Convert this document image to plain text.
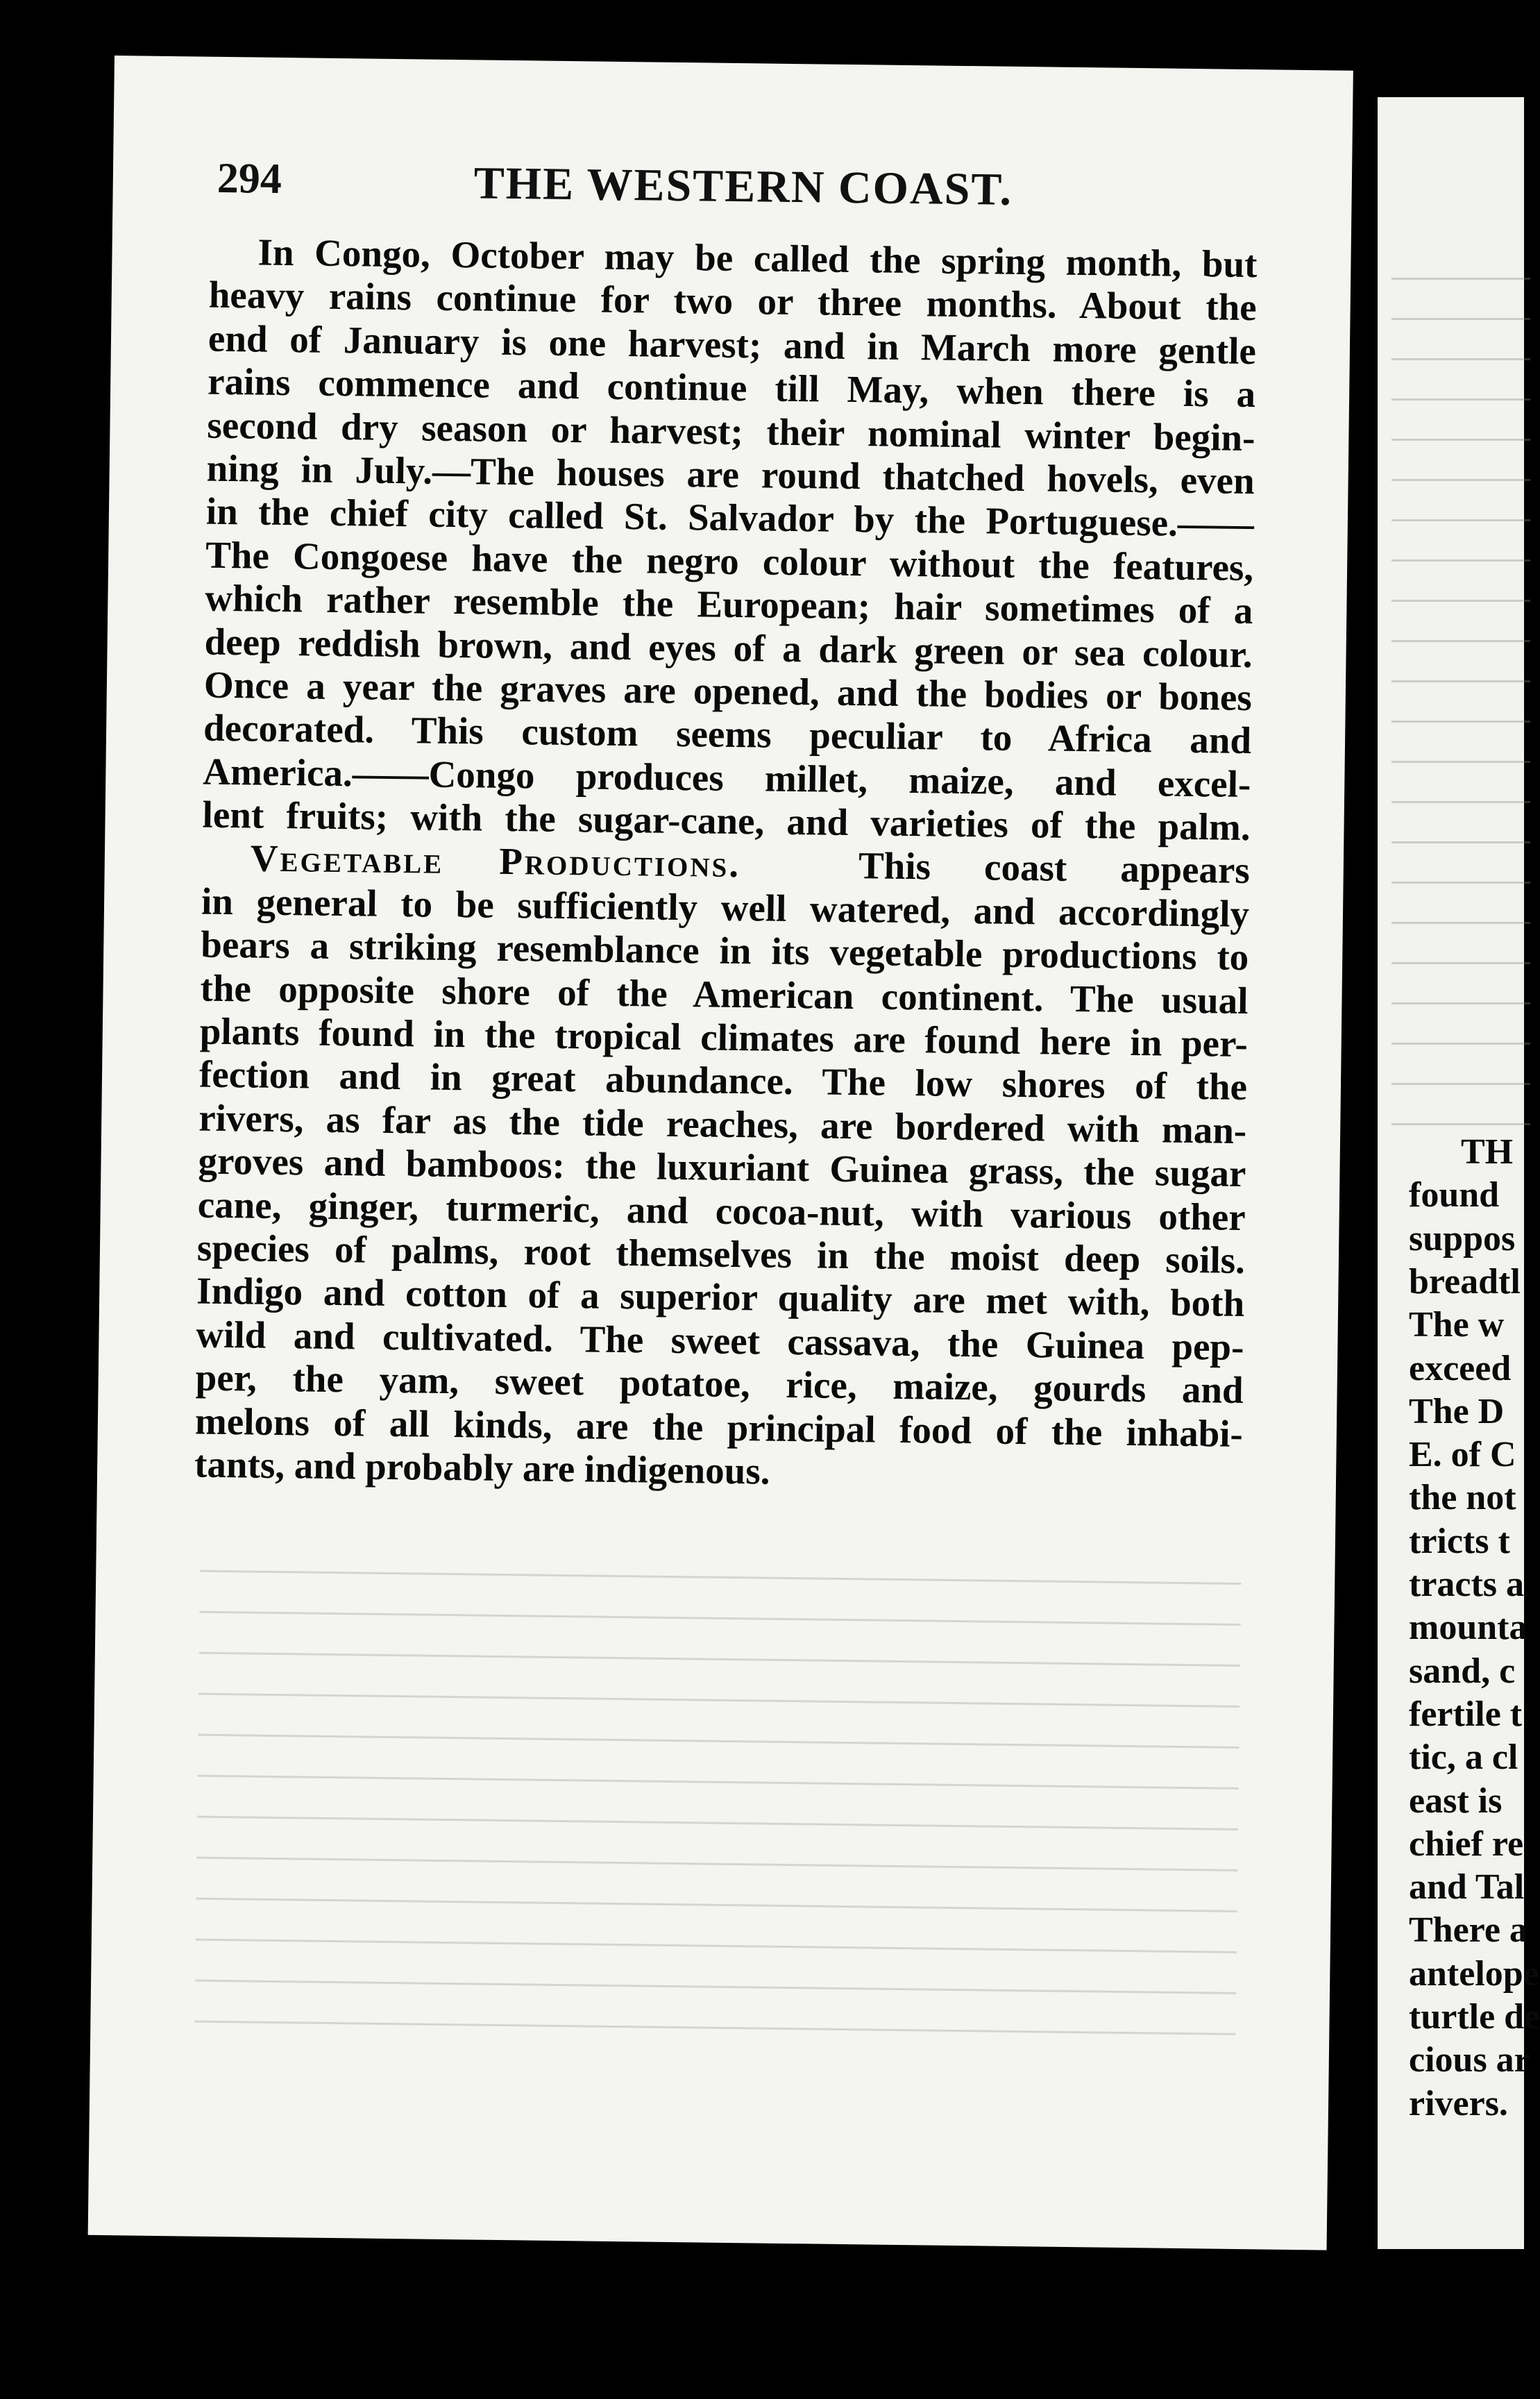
294	THE WESTERN COAST.
In Congo, October may be called the spring month, but
heavy rains continue for two or three months. About the
end of January is one harvest; and in March more gentle
rains commence and continue till May, when there is a
second dry season or harvest; their nominal winter begin-
ning in July.—The houses are round thatched hovels, even
in the chief city called St. Salvador by the Portuguese.——
The Congoese have the negro colour without the features,
which rather resemble the European; hair sometimes of a
deep reddish brown, and eyes of a dark green or sea colour.
Once a year the graves are opened, and the bodies or bones
decorated. This custom seems peculiar to Africa and
America.——Congo produces millet, maize, and excel-
lent fruits; with the sugar-cane, and varieties of the palm.
Vegetable Productions.	This coast appears
in general to be sufficiently well watered, and accordingly
bears a striking resemblance in its vegetable productions to
the opposite shore of the American continent. The usual
plants found in the tropical climates are found here in per-
fection and in great abundance. The low shores of the
rivers, as far as the tide reaches, are bordered with man-
groves and bamboos: the luxuriant Guinea grass, the sugar
cane, ginger, turmeric, and cocoa-nut, with various other
species of palms, root themselves in the moist deep soils.
Indigo and cotton of a superior quality are met with, both
wild and cultivated. The sweet cassava, the Guinea pep-
per, the yam, sweet potatoe, rice, maize, gourds and
melons of all kinds, are the principal food of the inhabi-
tants, and probably are indigenous.
TH
found
suppos
breadtl
The w
exceed
The D
E. of C
the not
tricts t
tracts a
mounta
sand, c
fertile t
tic, a cl
east is
chief re
and Tal
There a
antelope
turtle de
cious ar
rivers.
